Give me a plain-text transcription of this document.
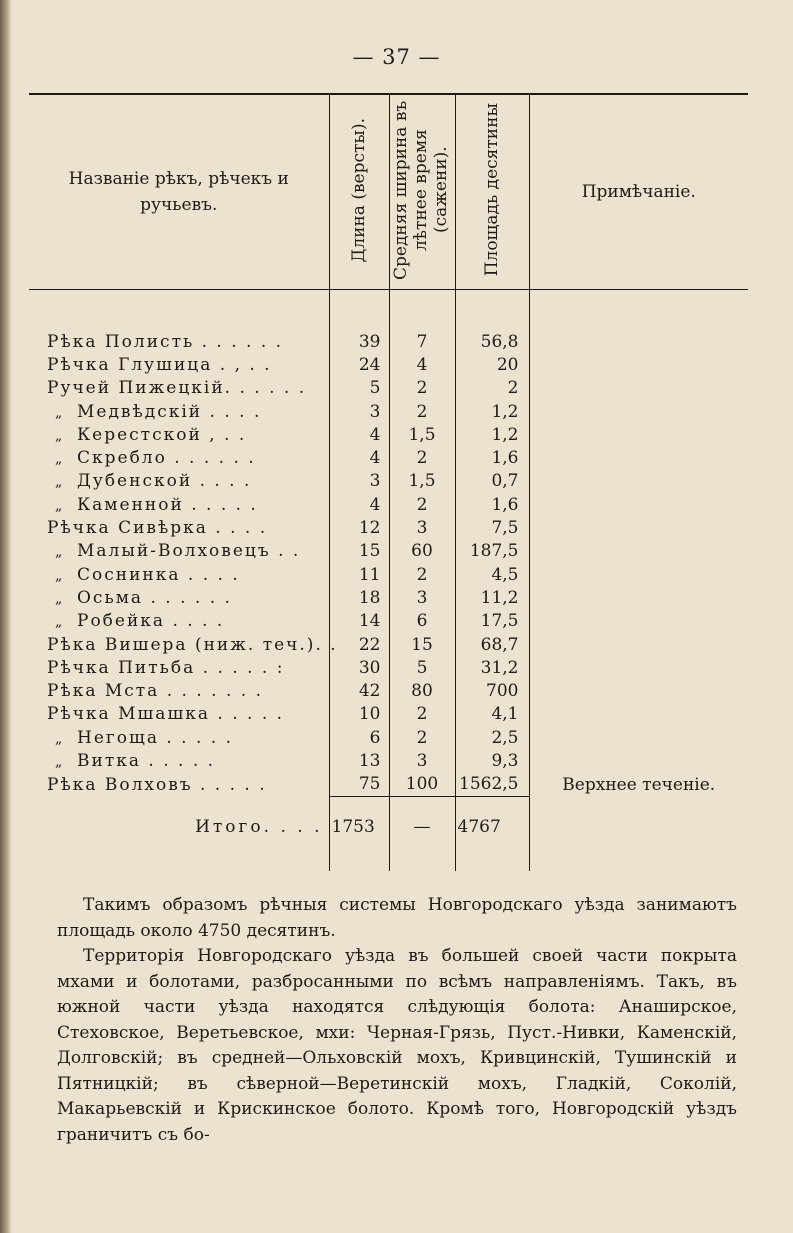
— 37 —
Названіе рѣкъ, рѣчекъ и ручьевъ.	Длина (версты).	Средняя ширина въ лѣтнее время (сажени).	Площадь десятины	Примѣчаніе.

Рѣка Полисть . . . . . .	39	7	56,8	
Рѣчка Глушица . , . .	24	4	20	
Ручей Пижецкій. . . . . .	5	2	2	
„ Медвѣдскій . . . .	3	2	1,2	
„ Керестской , . .	4	1,5	1,2	
„ Скребло . . . . . .	4	2	1,6	
„ Дубенской . . . .	3	1,5	0,7	
„ Каменной . . . . .	4	2	1,6	
Рѣчка Сивѣрка . . . .	12	3	7,5	
„ Малый-Волховецъ . .	15	60	187,5	
„ Соснинка . . . .	11	2	4,5	
„ Осьма . . . . . .	18	3	11,2	
„ Робейка . . . .	14	6	17,5	
Рѣка Вишера (ниж. теч.). .	22	15	68,7	
Рѣчка Питьба . . . . . :	30	5	31,2	
Рѣка Мста . . . . . . .	42	80	700	
Рѣчка Мшашка . . . . .	10	2	4,1	
„ Негоща . . . . .	6	2	2,5	
„ Витка . . . . .	13	3	9,3	
Рѣка Волховъ . . . . .	75	100	1562,5	Верхнее теченіе.
Итого. . . .	1753	—	4767	

Такимъ образомъ рѣчныя системы Новгородскаго уѣзда занимаютъ площадь около 4750 десятинъ.

Территорія Новгородскаго уѣзда въ большей своей части покрыта мхами и болотами, разбросанными по всѣмъ направленіямъ. Такъ, въ южной части уѣзда находятся слѣдующія болота: Анаширское, Стеховское, Веретьевское, мхи: Черная-Грязь, Пуст.-Нивки, Каменскій, Долговскій; въ средней—Ольховскій мохъ, Кривцинскій, Тушинскій и Пятницкій; въ сѣверной—Веретинскій мохъ, Гладкій, Соколій, Макарьевскій и Крискинское болото. Кромѣ того, Новгородскій уѣздъ граничитъ съ бо-
